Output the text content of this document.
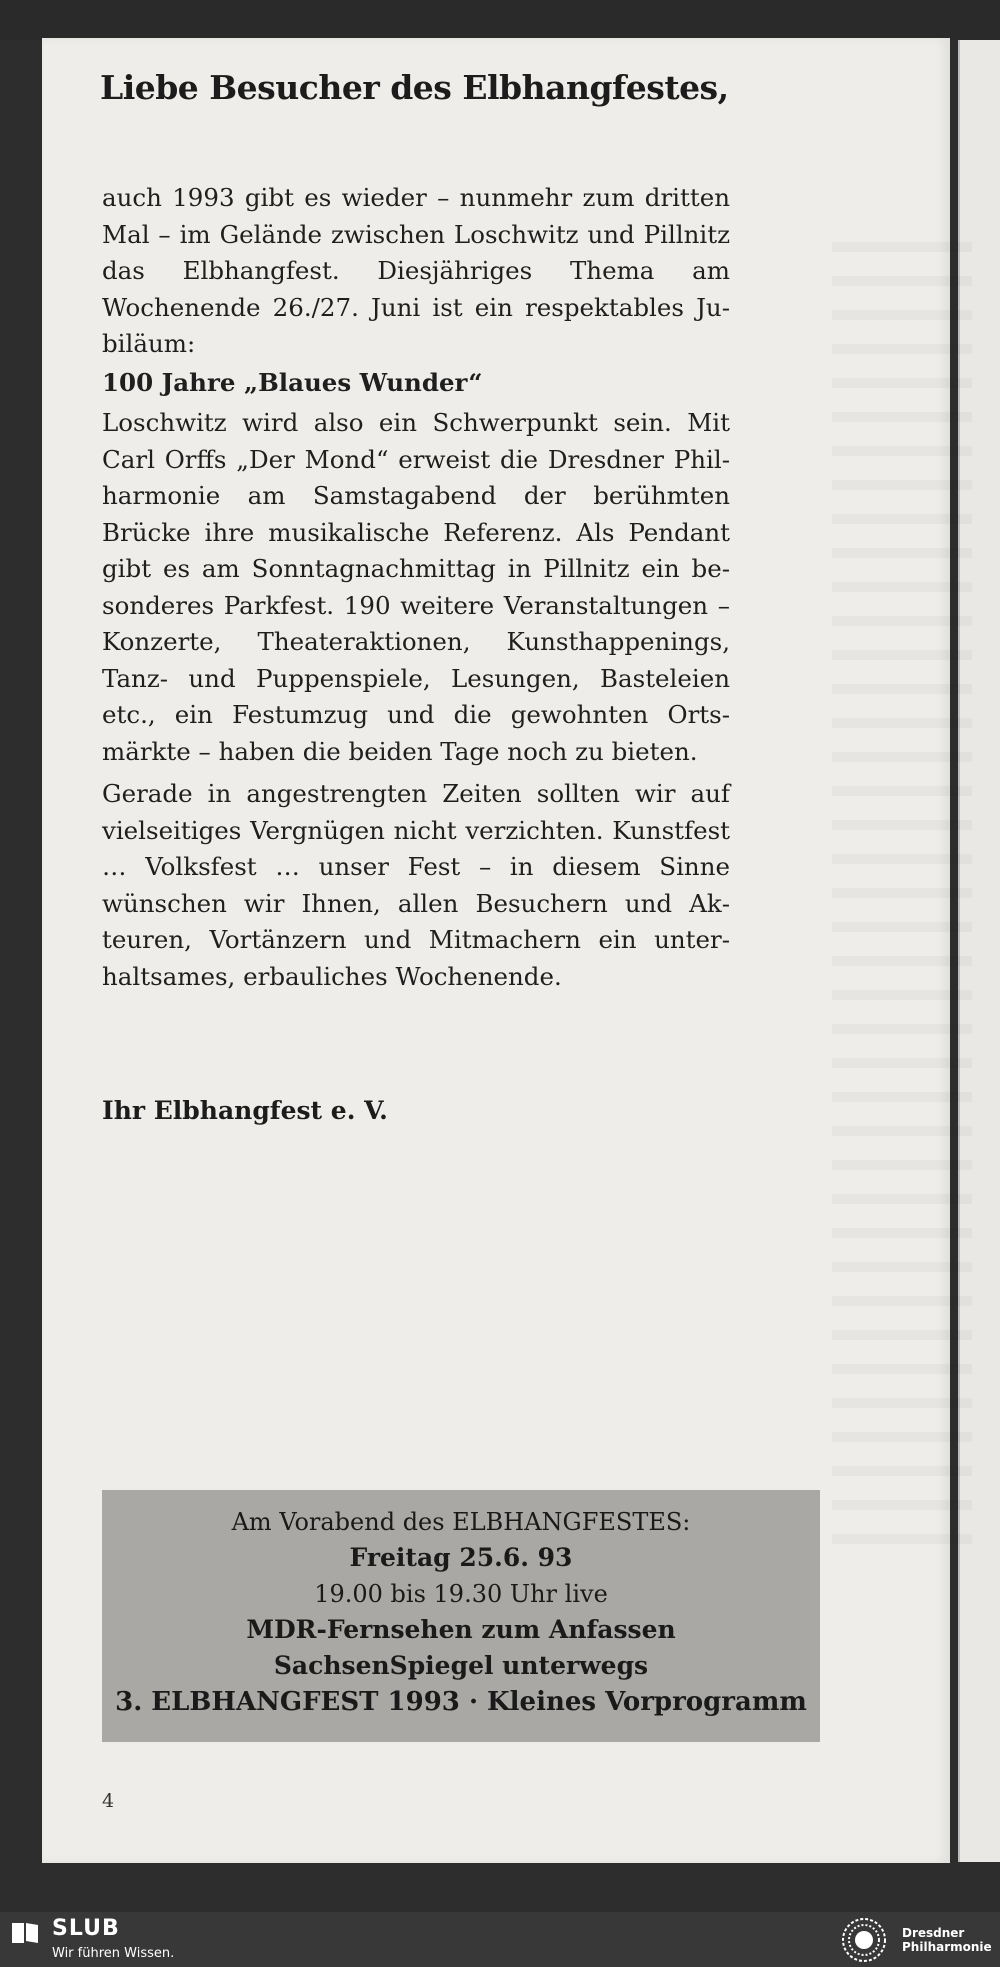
Liebe Besucher des Elbhangfestes,

auch 1993 gibt es wieder – nunmehr zum dritten Mal – im Gelände zwischen Loschwitz und Pillnitz das Elbhangfest. Diesjähriges Thema am Wochenende 26./27. Juni ist ein respektables Jubiläum:

100 Jahre „Blaues Wunder“

Loschwitz wird also ein Schwerpunkt sein. Mit Carl Orffs „Der Mond“ erweist die Dresdner Philharmonie am Samstagabend der berühmten Brücke ihre musikalische Referenz. Als Pendant gibt es am Sonntagnachmittag in Pillnitz ein besonderes Parkfest. 190 weitere Veranstaltungen – Konzerte, Theateraktionen, Kunsthappenings, Tanz- und Puppenspiele, Lesungen, Basteleien etc., ein Festumzug und die gewohnten Ortsmärkte – haben die beiden Tage noch zu bieten.

Gerade in angestrengten Zeiten sollten wir auf vielseitiges Vergnügen nicht verzichten. Kunstfest … Volksfest … unser Fest – in diesem Sinne wünschen wir Ihnen, allen Besuchern und Akteuren, Vortänzern und Mitmachern ein unterhaltsames, erbauliches Wochenende.

Ihr Elbhangfest e. V.

Am Vorabend des ELBHANGFESTES:
Freitag 25.6. 93
19.00 bis 19.30 Uhr live
MDR-Fernsehen zum Anfassen
SachsenSpiegel unterwegs
3. ELBHANGFEST 1993 · Kleines Vorprogramm

4

SLUB
Wir führen Wissen.
Dresdner
Philharmonie
